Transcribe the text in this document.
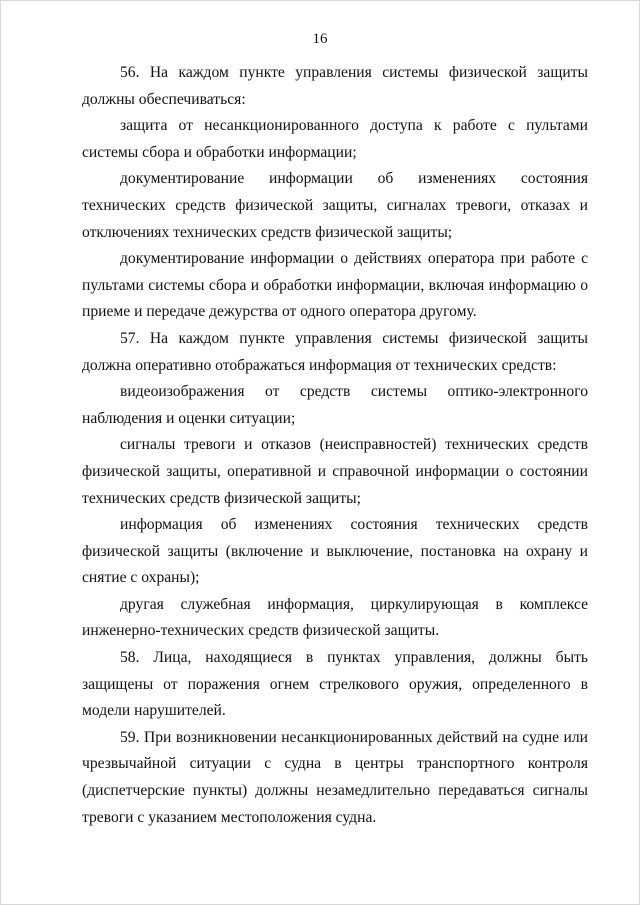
16

56. На каждом пункте управления системы физической защиты должны обеспечиваться:

защита от несанкционированного доступа к работе с пультами системы сбора и обработки информации;

документирование информации об изменениях состояния технических средств физической защиты, сигналах тревоги, отказах и отключениях технических средств физической защиты;

документирование информации о действиях оператора при работе с пультами системы сбора и обработки информации, включая информацию о приеме и передаче дежурства от одного оператора другому.

57. На каждом пункте управления системы физической защиты должна оперативно отображаться информация от технических средств:

видеоизображения от средств системы оптико-электронного наблюдения и оценки ситуации;

сигналы тревоги и отказов (неисправностей) технических средств физической защиты, оперативной и справочной информации о состоянии технических средств физической защиты;

информация об изменениях состояния технических средств физической защиты (включение и выключение, постановка на охрану и снятие с охраны);

другая служебная информация, циркулирующая в комплексе инженерно-технических средств физической защиты.

58. Лица, находящиеся в пунктах управления, должны быть защищены от поражения огнем стрелкового оружия, определенного в модели нарушителей.

59. При возникновении несанкционированных действий на судне или чрезвычайной ситуации с судна в центры транспортного контроля (диспетчерские пункты) должны незамедлительно передаваться сигналы тревоги с указанием местоположения судна.
